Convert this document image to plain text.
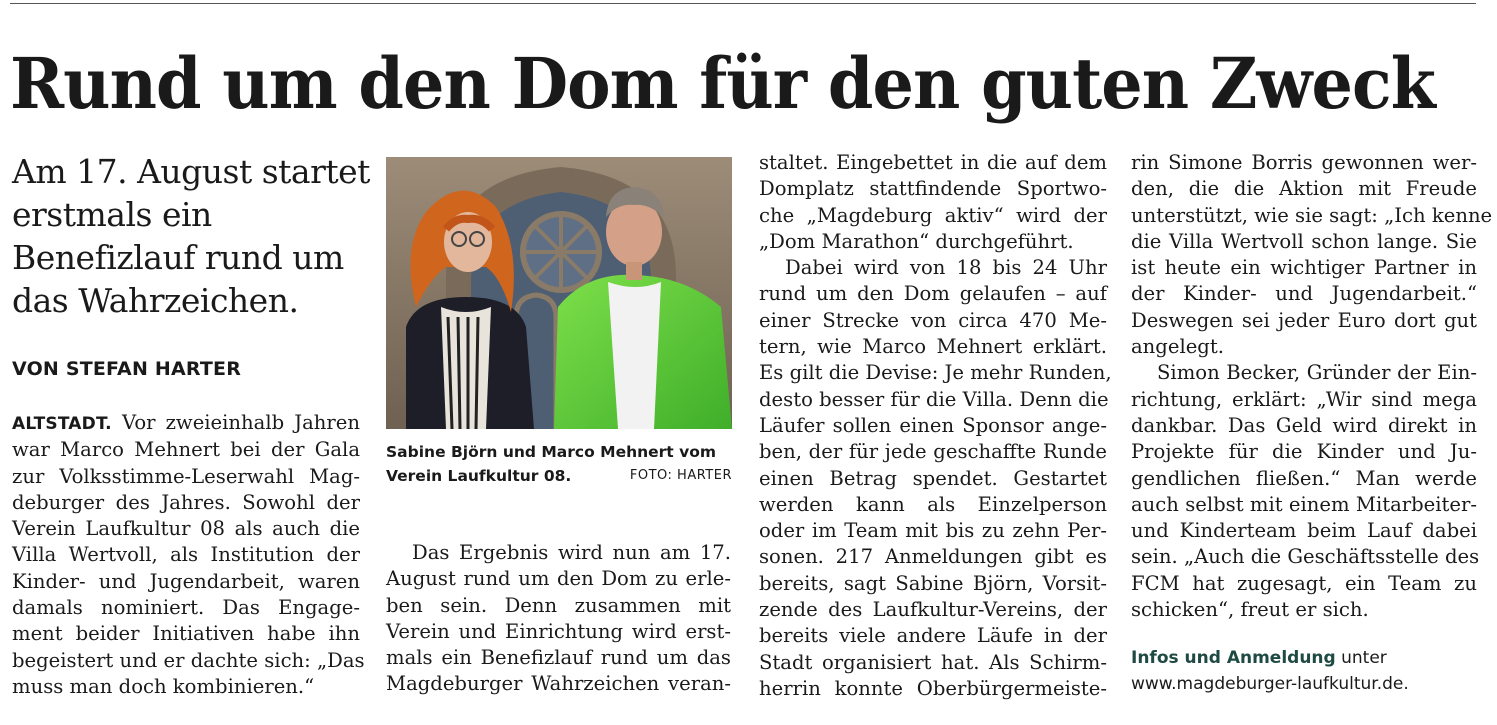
Rund um den Dom für den guten Zweck
Am 17. August startet erstmals ein Benefizlauf rund um das Wahrzeichen.
VON STEFAN HARTER
ALTSTADT. Vor zweieinhalb Jahren
war Marco Mehnert bei der Gala
zur Volksstimme-Leserwahl Mag-
deburger des Jahres. Sowohl der
Verein Laufkultur 08 als auch die
Villa Wertvoll, als Institution der
Kinder- und Jugendarbeit, waren
damals nominiert. Das Engage-
ment beider Initiativen habe ihn
begeistert und er dachte sich: „Das
muss man doch kombinieren.“
Sabine Björn und Marco Mehnert vom Verein Laufkultur 08.	FOTO: HARTER
Das Ergebnis wird nun am 17.
August rund um den Dom zu erle-
ben sein. Denn zusammen mit
Verein und Einrichtung wird erst-
mals ein Benefizlauf rund um das
Magdeburger Wahrzeichen veran-
staltet. Eingebettet in die auf dem
Domplatz stattfindende Sportwo-
che „Magdeburg aktiv“ wird der
„Dom Marathon“ durchgeführt.
Dabei wird von 18 bis 24 Uhr
rund um den Dom gelaufen – auf
einer Strecke von circa 470 Me-
tern, wie Marco Mehnert erklärt.
Es gilt die Devise: Je mehr Runden,
desto besser für die Villa. Denn die
Läufer sollen einen Sponsor ange-
ben, der für jede geschaffte Runde
einen Betrag spendet. Gestartet
werden kann als Einzelperson
oder im Team mit bis zu zehn Per-
sonen. 217 Anmeldungen gibt es
bereits, sagt Sabine Björn, Vorsit-
zende des Laufkultur-Vereins, der
bereits viele andere Läufe in der
Stadt organisiert hat. Als Schirm-
herrin konnte Oberbürgermeiste-
rin Simone Borris gewonnen wer-
den, die die Aktion mit Freude
unterstützt, wie sie sagt: „Ich kenne
die Villa Wertvoll schon lange. Sie
ist heute ein wichtiger Partner in
der Kinder- und Jugendarbeit.“
Deswegen sei jeder Euro dort gut
angelegt.
Simon Becker, Gründer der Ein-
richtung, erklärt: „Wir sind mega
dankbar. Das Geld wird direkt in
Projekte für die Kinder und Ju-
gendlichen fließen.“ Man werde
auch selbst mit einem Mitarbeiter-
und Kinderteam beim Lauf dabei
sein. „Auch die Geschäftsstelle des
FCM hat zugesagt, ein Team zu
schicken“, freut er sich.
Infos und Anmeldung unter
www.magdeburger-laufkultur.de.
